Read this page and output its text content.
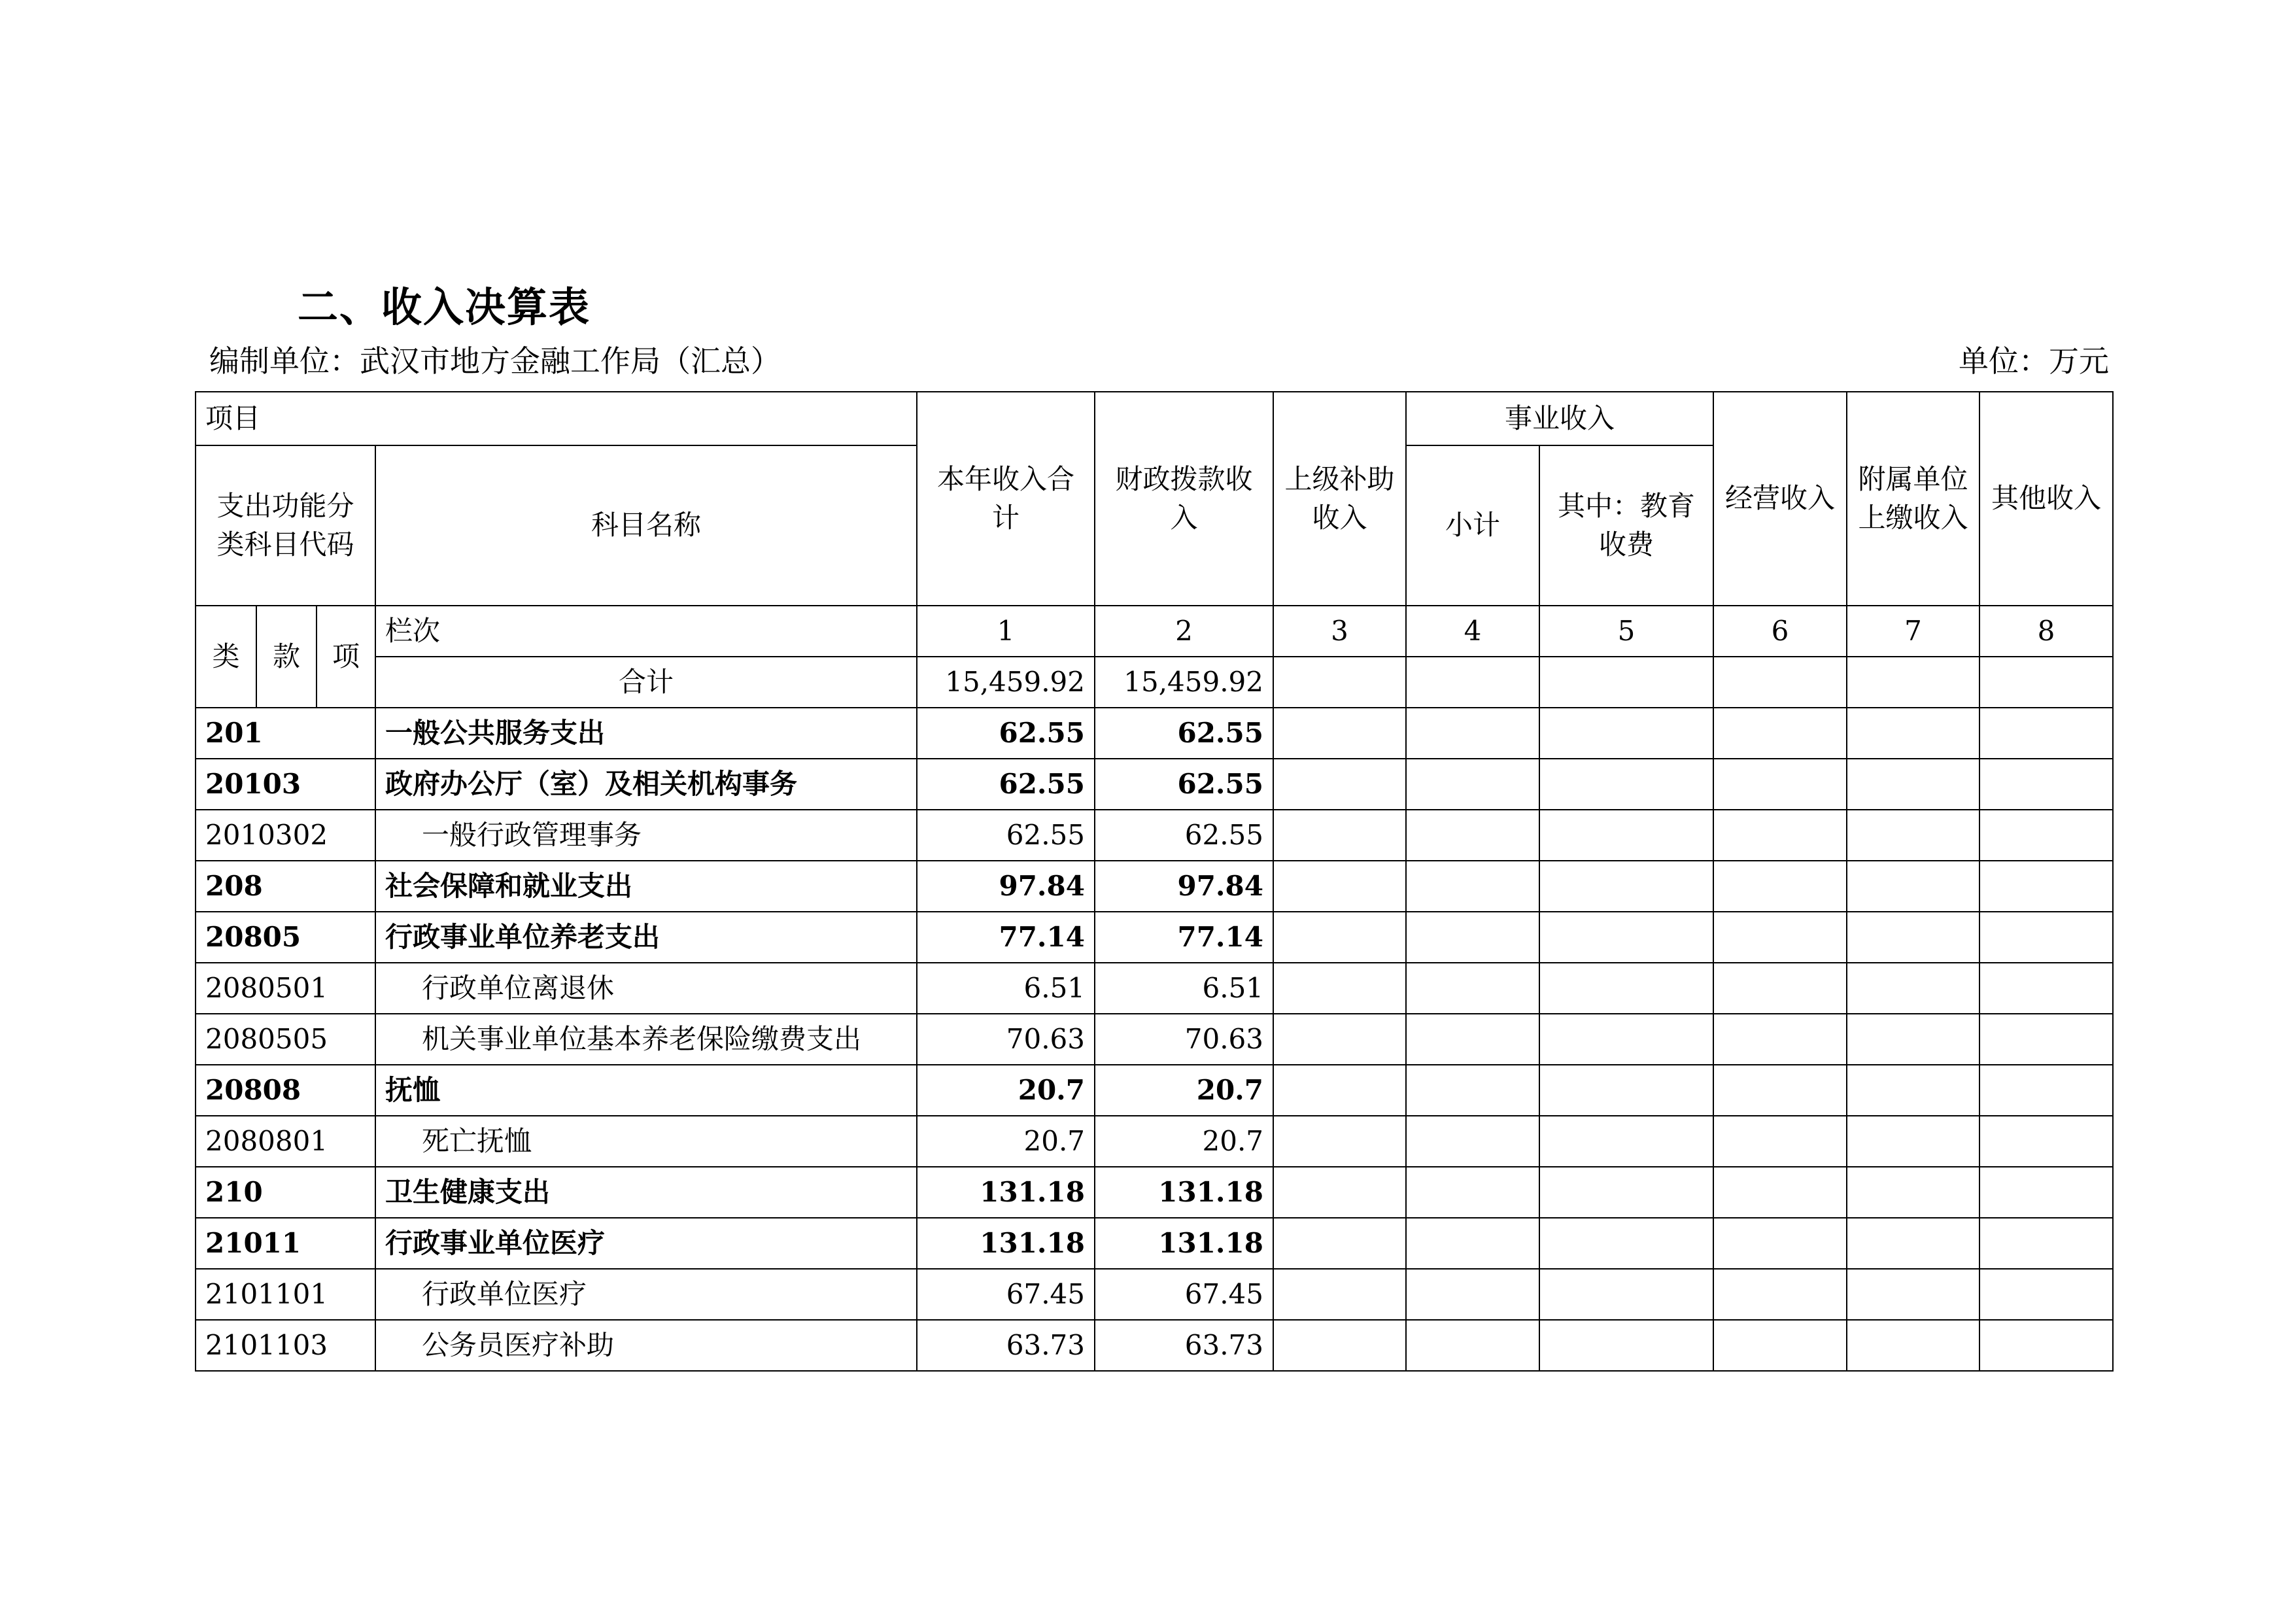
二、收入决算表
编制单位：武汉市地方金融工作局（汇总）	单位：万元
项目				本年收入合计	财政拨款收入	上级补助收入	事业收入		经营收入	附属单位上缴收入	其他收入	
支出功能分类科目代码			科目名称				小计	其中：教育收费				
类	款	项	栏次	1	2	3	4	5	6	7	8	
			合计	15,459.92	15,459.92							
201			一般公共服务支出	62.55	62.55							
20103			政府办公厅（室）及相关机构事务	62.55	62.55							
2010302			一般行政管理事务	62.55	62.55							
208			社会保障和就业支出	97.84	97.84							
20805			行政事业单位养老支出	77.14	77.14							
2080501			行政单位离退休	6.51	6.51							
2080505			机关事业单位基本养老保险缴费支出	70.63	70.63							
20808			抚恤	20.7	20.7							
2080801			死亡抚恤	20.7	20.7							
210			卫生健康支出	131.18	131.18							
21011			行政事业单位医疗	131.18	131.18							
2101101			行政单位医疗	67.45	67.45							
2101103			公务员医疗补助	63.73	63.73							
